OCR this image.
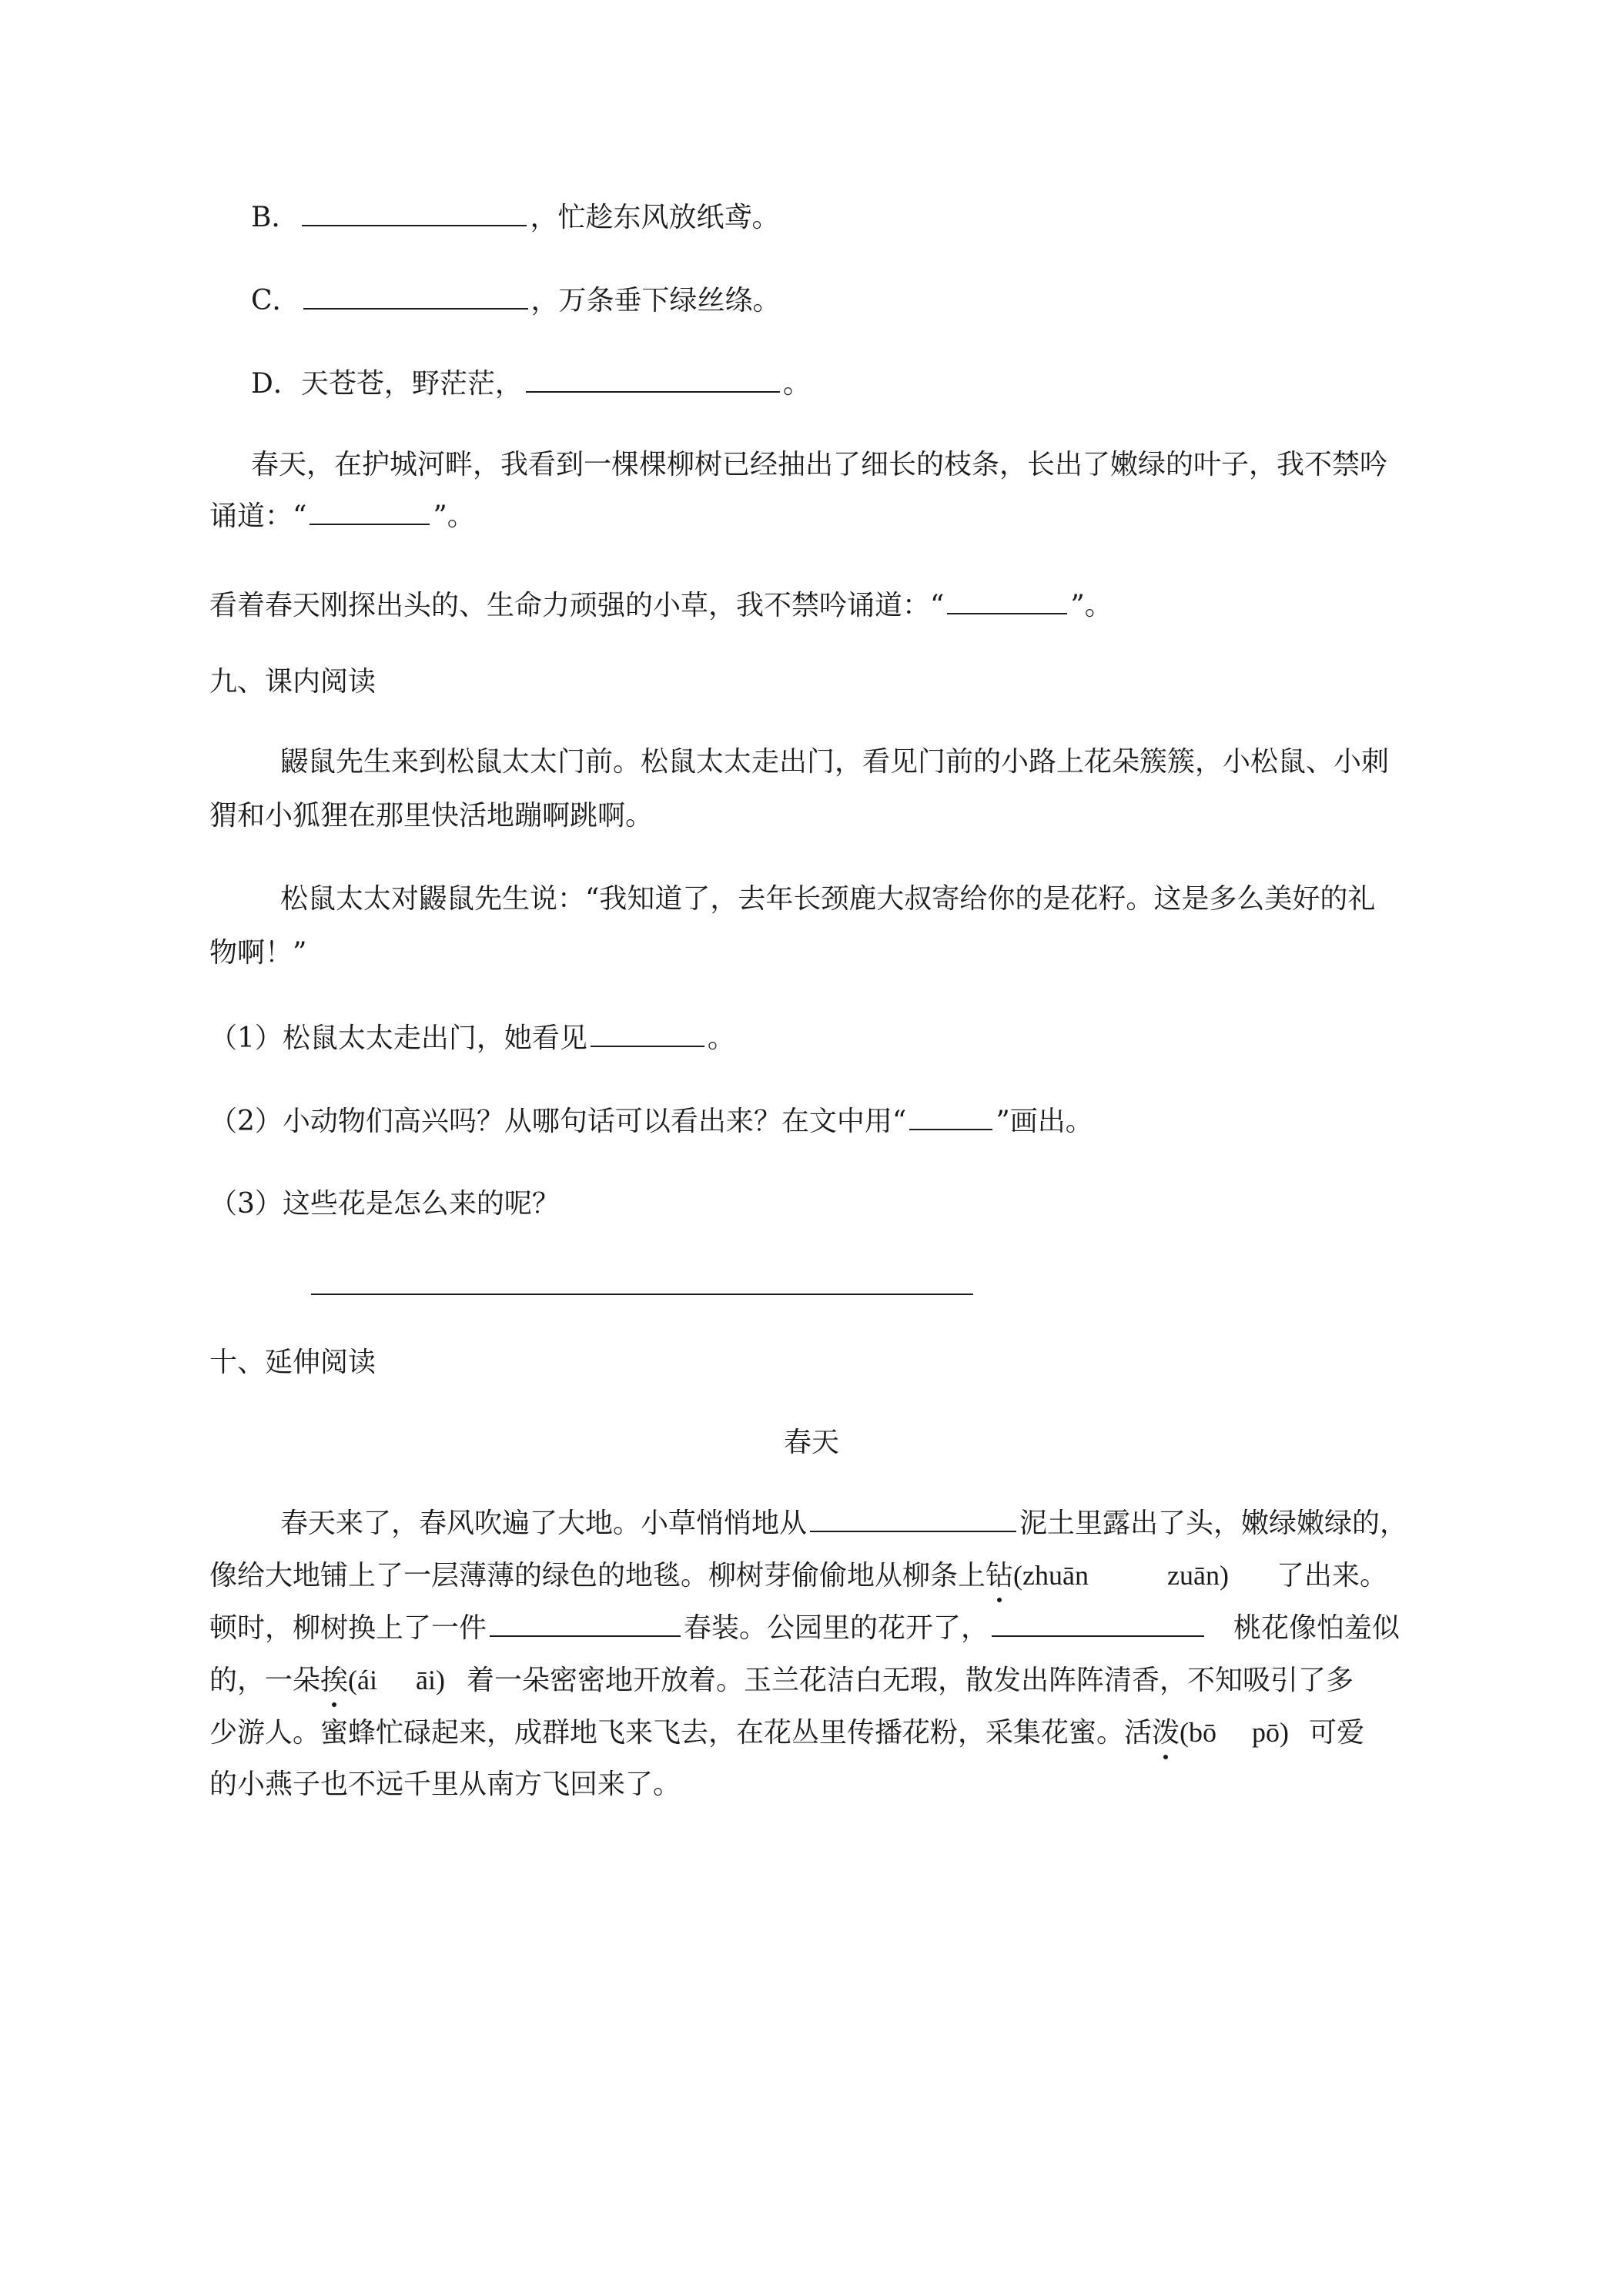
B．	，忙趁东风放纸鸢。
C．	，万条垂下绿丝绦。
D．天苍苍，野茫茫，	。
春天，在护城河畔，我看到一棵棵柳树已经抽出了细长的枝条，长出了嫩绿的叶子，我不禁吟
诵道：“	”。
看着春天刚探出头的、生命力顽强的小草，我不禁吟诵道：“	”。
九、课内阅读
鼹鼠先生来到松鼠太太门前。松鼠太太走出门，看见门前的小路上花朵簇簇，小松鼠、小刺
猬和小狐狸在那里快活地蹦啊跳啊。
松鼠太太对鼹鼠先生说：“我知道了，去年长颈鹿大叔寄给你的是花籽。这是多么美好的礼
物啊！”
（1）松鼠太太走出门，她看见	。
（2）小动物们高兴吗？从哪句话可以看出来？在文中用“	”画出。
（3）这些花是怎么来的呢？
十、延伸阅读
春天
春天来了，春风吹遍了大地。小草悄悄地从	泥土里露出了头，嫩绿嫩绿的，
像给大地铺上了一层薄薄的绿色的地毯。柳树芽偷偷地从柳条上钻(zhuān	zuān) 了出来。
顿时，柳树换上了一件	春装。公园里的花开了，	桃花像怕羞似
的，一朵挨(ái āi) 着一朵密密地开放着。玉兰花洁白无瑕，散发出阵阵清香，不知吸引了多
少游人。蜜蜂忙碌起来，成群地飞来飞去，在花丛里传播花粉，采集花蜜。活泼(bō pō) 可爱
的小燕子也不远千里从南方飞回来了。
